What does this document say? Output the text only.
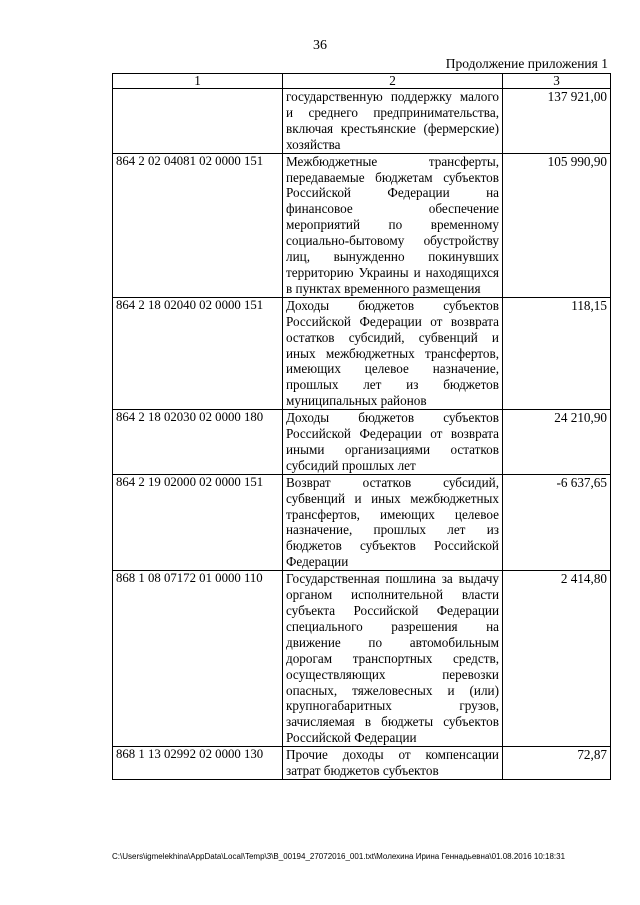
36
Продолжение приложения 1
1	2	3
	государственную поддержку малого и среднего предпринимательства, включая крестьянские (фермерские) хозяйства	137 921,00
864 2 02 04081 02 0000 151	Межбюджетные трансферты, передаваемые бюджетам субъектов Российской Федерации на финансовое обеспечение мероприятий по временному социально-бытовому обустройству лиц, вынужденно покинувших территорию Украины и находящихся в пунктах временного размещения	105 990,90
864 2 18 02040 02 0000 151	Доходы бюджетов субъектов Российской Федерации от возврата остатков субсидий, субвенций и иных межбюджетных трансфертов, имеющих целевое назначение, прошлых лет из бюджетов муниципальных районов	118,15
864 2 18 02030 02 0000 180	Доходы бюджетов субъектов Российской Федерации от возврата иными организациями остатков субсидий прошлых лет	24 210,90
864 2 19 02000 02 0000 151	Возврат остатков субсидий, субвенций и иных межбюджетных трансфертов, имеющих целевое назначение, прошлых лет из бюджетов субъектов Российской Федерации	-6 637,65
868 1 08 07172 01 0000 110	Государственная пошлина за выдачу органом исполнительной власти субъекта Российской Федерации специального разрешения на движение по автомобильным дорогам транспортных средств, осуществляющих перевозки опасных, тяжеловесных и (или) крупногабаритных грузов, зачисляемая в бюджеты субъектов Российской Федерации	2 414,80
868 1 13 02992 02 0000 130	Прочие доходы от компенсации затрат бюджетов субъектов	72,87
C:\Users\igmelekhina\AppData\Local\Temp\3\В_00194_27072016_001.txt\Молехина Ирина Геннадьевна\01.08.2016 10:18:31
